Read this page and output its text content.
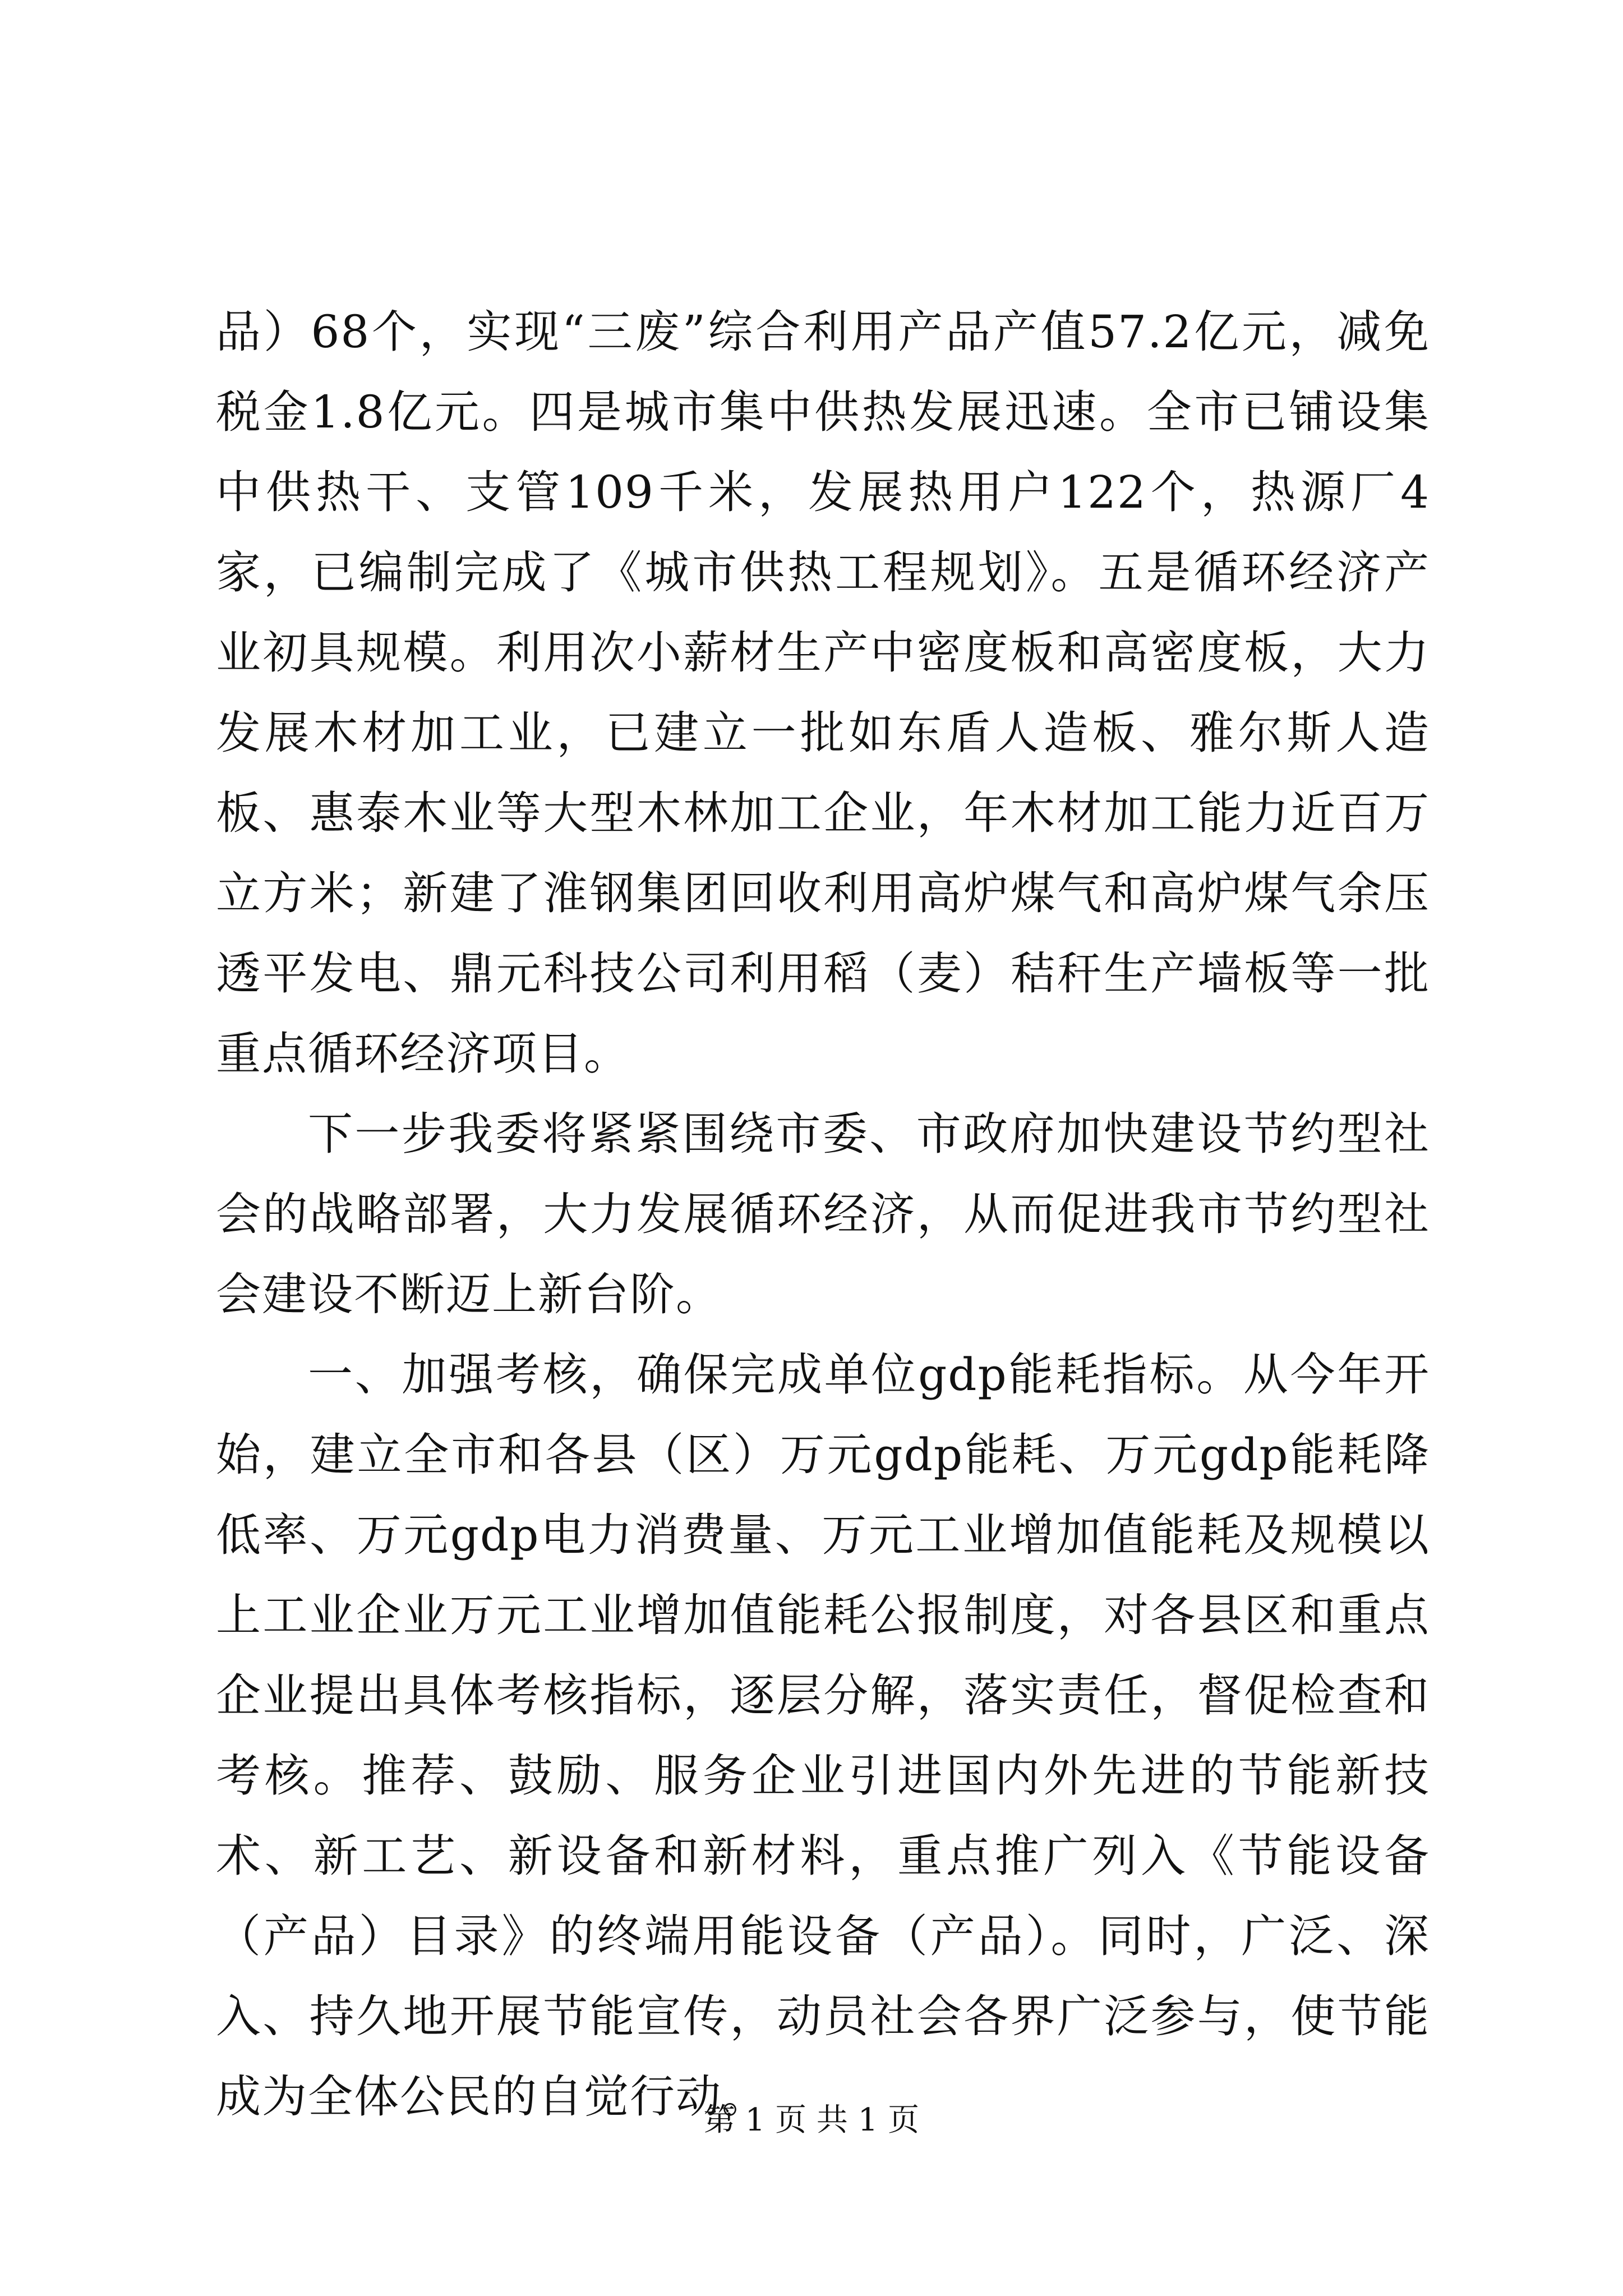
品）68个，实现“三废”综合利用产品产值57.2亿元，减免税金1.8亿元。四是城市集中供热发展迅速。全市已铺设集中供热干、支管109千米，发展热用户122个，热源厂4家，已编制完成了《城市供热工程规划》。五是循环经济产业初具规模。利用次小薪材生产中密度板和高密度板，大力发展木材加工业，已建立一批如东盾人造板、雅尔斯人造板、惠泰木业等大型木林加工企业，年木材加工能力近百万立方米；新建了淮钢集团回收利用高炉煤气和高炉煤气余压透平发电、鼎元科技公司利用稻（麦）秸秆生产墙板等一批重点循环经济项目。

下一步我委将紧紧围绕市委、市政府加快建设节约型社会的战略部署，大力发展循环经济，从而促进我市节约型社会建设不断迈上新台阶。

一、加强考核，确保完成单位gdp能耗指标。从今年开始，建立全市和各县（区）万元gdp能耗、万元gdp能耗降低率、万元gdp电力消费量、万元工业增加值能耗及规模以上工业企业万元工业增加值能耗公报制度，对各县区和重点企业提出具体考核指标，逐层分解，落实责任，督促检查和考核。推荐、鼓励、服务企业引进国内外先进的节能新技术、新工艺、新设备和新材料，重点推广列入《节能设备（产品）目录》的终端用能设备（产品）。同时，广泛、深入、持久地开展节能宣传，动员社会各界广泛参与，使节能成为全体公民的自觉行动。

第 1 页 共 1 页
